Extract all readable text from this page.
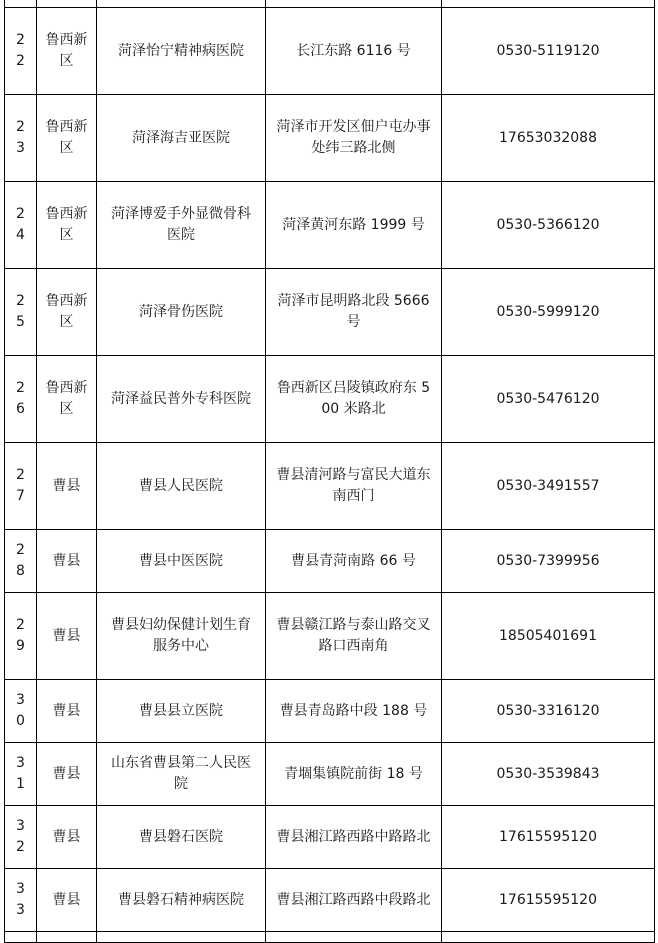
22	鲁西新区	菏泽怡宁精神病医院	长江东路 6116 号	0530-5119120
23	鲁西新区	菏泽海吉亚医院	菏泽市开发区佃户屯办事处纬三路北侧	17653032088
24	鲁西新区	菏泽博爱手外显微骨科医院	菏泽黄河东路 1999 号	0530-5366120
25	鲁西新区	菏泽骨伤医院	菏泽市昆明路北段 5666 号	0530-5999120
26	鲁西新区	菏泽益民普外专科医院	鲁西新区吕陵镇政府东 500 米路北	0530-5476120
27	曹县	曹县人民医院	曹县清河路与富民大道东南西门	0530-3491557
28	曹县	曹县中医医院	曹县青菏南路 66 号	0530-7399956
29	曹县	曹县妇幼保健计划生育服务中心	曹县赣江路与泰山路交叉路口西南角	18505401691
30	曹县	曹县县立医院	曹县青岛路中段 188 号	0530-3316120
31	曹县	山东省曹县第二人民医院	青堌集镇院前街 18 号	0530-3539843
32	曹县	曹县磐石医院	曹县湘江路西路中路路北	17615595120
33	曹县	曹县磐石精神病医院	曹县湘江路西路中段路北	17615595120
